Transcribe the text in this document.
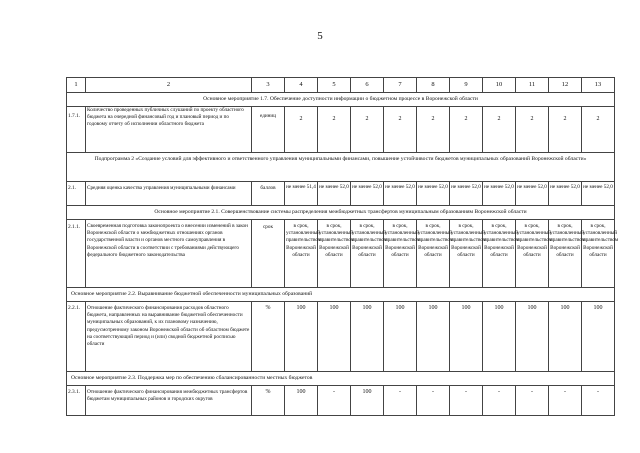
5
1	2	3	4	5	6	7	8	9	10	11	12	13
Основное мероприятие 1.7. Обеспечение доступности информации о бюджетном процессе в Воронежской области												
1.7.1.	Количество проведенных публичных слушаний по проекту областного бюджета на очередной финансовый год и плановый период и по годовому отчету об исполнении областного бюджета	единиц	2	2	2	2	2	2	2	2	2	2
Подпрограмма 2 «Создание условий для эффективного и ответственного управления муниципальными финансами, повышение устойчивости бюджетов муниципальных образований Воронежской области»												
2.1.	Средняя оценка качества управления муниципальными финансами	баллов	не менее 51,4	не менее 52,0	не менее 52,0	не менее 52,0	не менее 52,0	не менее 52,0	не менее 52,0	не менее 52,0	не менее 52,0	не менее 52,0
Основное мероприятие 2.1. Совершенствование системы распределения межбюджетных трансфертов муниципальным образованиям Воронежской области												
2.1.1.	Своевременная подготовка законопроекта о внесении изменений в закон Воронежской области о межбюджетных отношениях органов государственной власти и органов местного самоуправления в Воронежской области в соответствии с требованиями действующего федерального бюджетного законодательства	срок	в срок, установленный правительством Воронежской области	в срок, установленный правительством Воронежской области	в срок, установленный правительством Воронежской области	в срок, установленный правительством Воронежской области	в срок, установленный правительством Воронежской области	в срок, установленный правительством Воронежской области	в срок, установленный правительством Воронежской области	в срок, установленный правительством Воронежской области	в срок, установленный правительством Воронежской области	в срок, установленный правительством Воронежской области
Основное мероприятие 2.2. Выравнивание бюджетной обеспеченности муниципальных образований												
2.2.1.	Отношение фактического финансирования расходов областного бюджета, направленных на выравнивание бюджетной обеспеченности муниципальных образований, к их плановому назначению, предусмотренному законом Воронежской области об областном бюджете на соответствующий период и (или) сводной бюджетной росписью области	%	100	100	100	100	100	100	100	100	100	100
Основное мероприятие 2.3. Поддержка мер по обеспечению сбалансированности местных бюджетов												
2.3.1.	Отношение фактического финансирования межбюджетных трансфертов бюджетам муниципальных районов и городских округов	%	100	-	100	-	-	-	-	-	-	-
